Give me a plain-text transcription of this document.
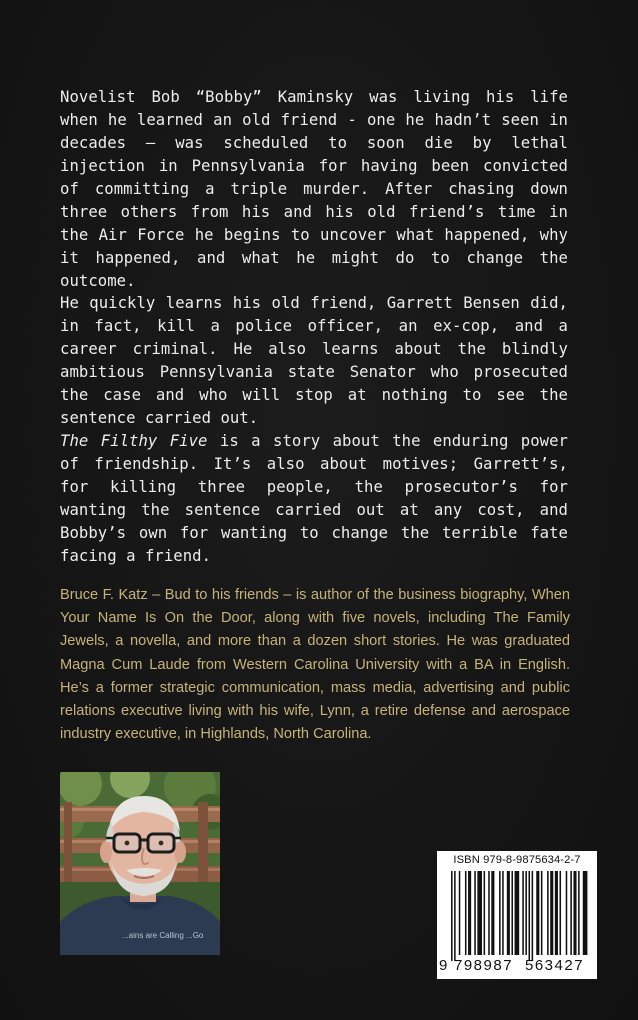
Novelist Bob “Bobby” Kaminsky was living his life when he learned an old friend - one he hadn’t seen in decades – was scheduled to soon die by lethal injection in Pennsylvania for having been convicted of committing a triple murder. After chasing down three others from his and his old friend’s time in the Air Force he begins to uncover what happened, why it happened, and what he might do to change the outcome.

He quickly learns his old friend, Garrett Bensen did, in fact, kill a police officer, an ex-cop, and a career criminal. He also learns about the blindly ambitious Pennsylvania state Senator who prosecuted the case and who will stop at nothing to see the sentence carried out.

The Filthy Five is a story about the enduring power of friendship. It’s also about motives; Garrett’s, for killing three people, the prosecutor’s for wanting the sentence carried out at any cost, and Bobby’s own for wanting to change the terrible fate facing a friend.

Bruce F. Katz – Bud to his friends – is author of the business biography, When Your Name Is On the Door, along with five novels, including The Family Jewels, a novella, and more than a dozen short stories. He was graduated Magna Cum Laude from Western Carolina University with a BA in English. He’s a former strategic communication, mass media, advertising and public relations executive living with his wife, Lynn, a retire defense and aerospace industry executive, in Highlands, North Carolina.

...ains are Calling ...Go
ISBN 979-8-9875634-2-7
9 798987 563427
